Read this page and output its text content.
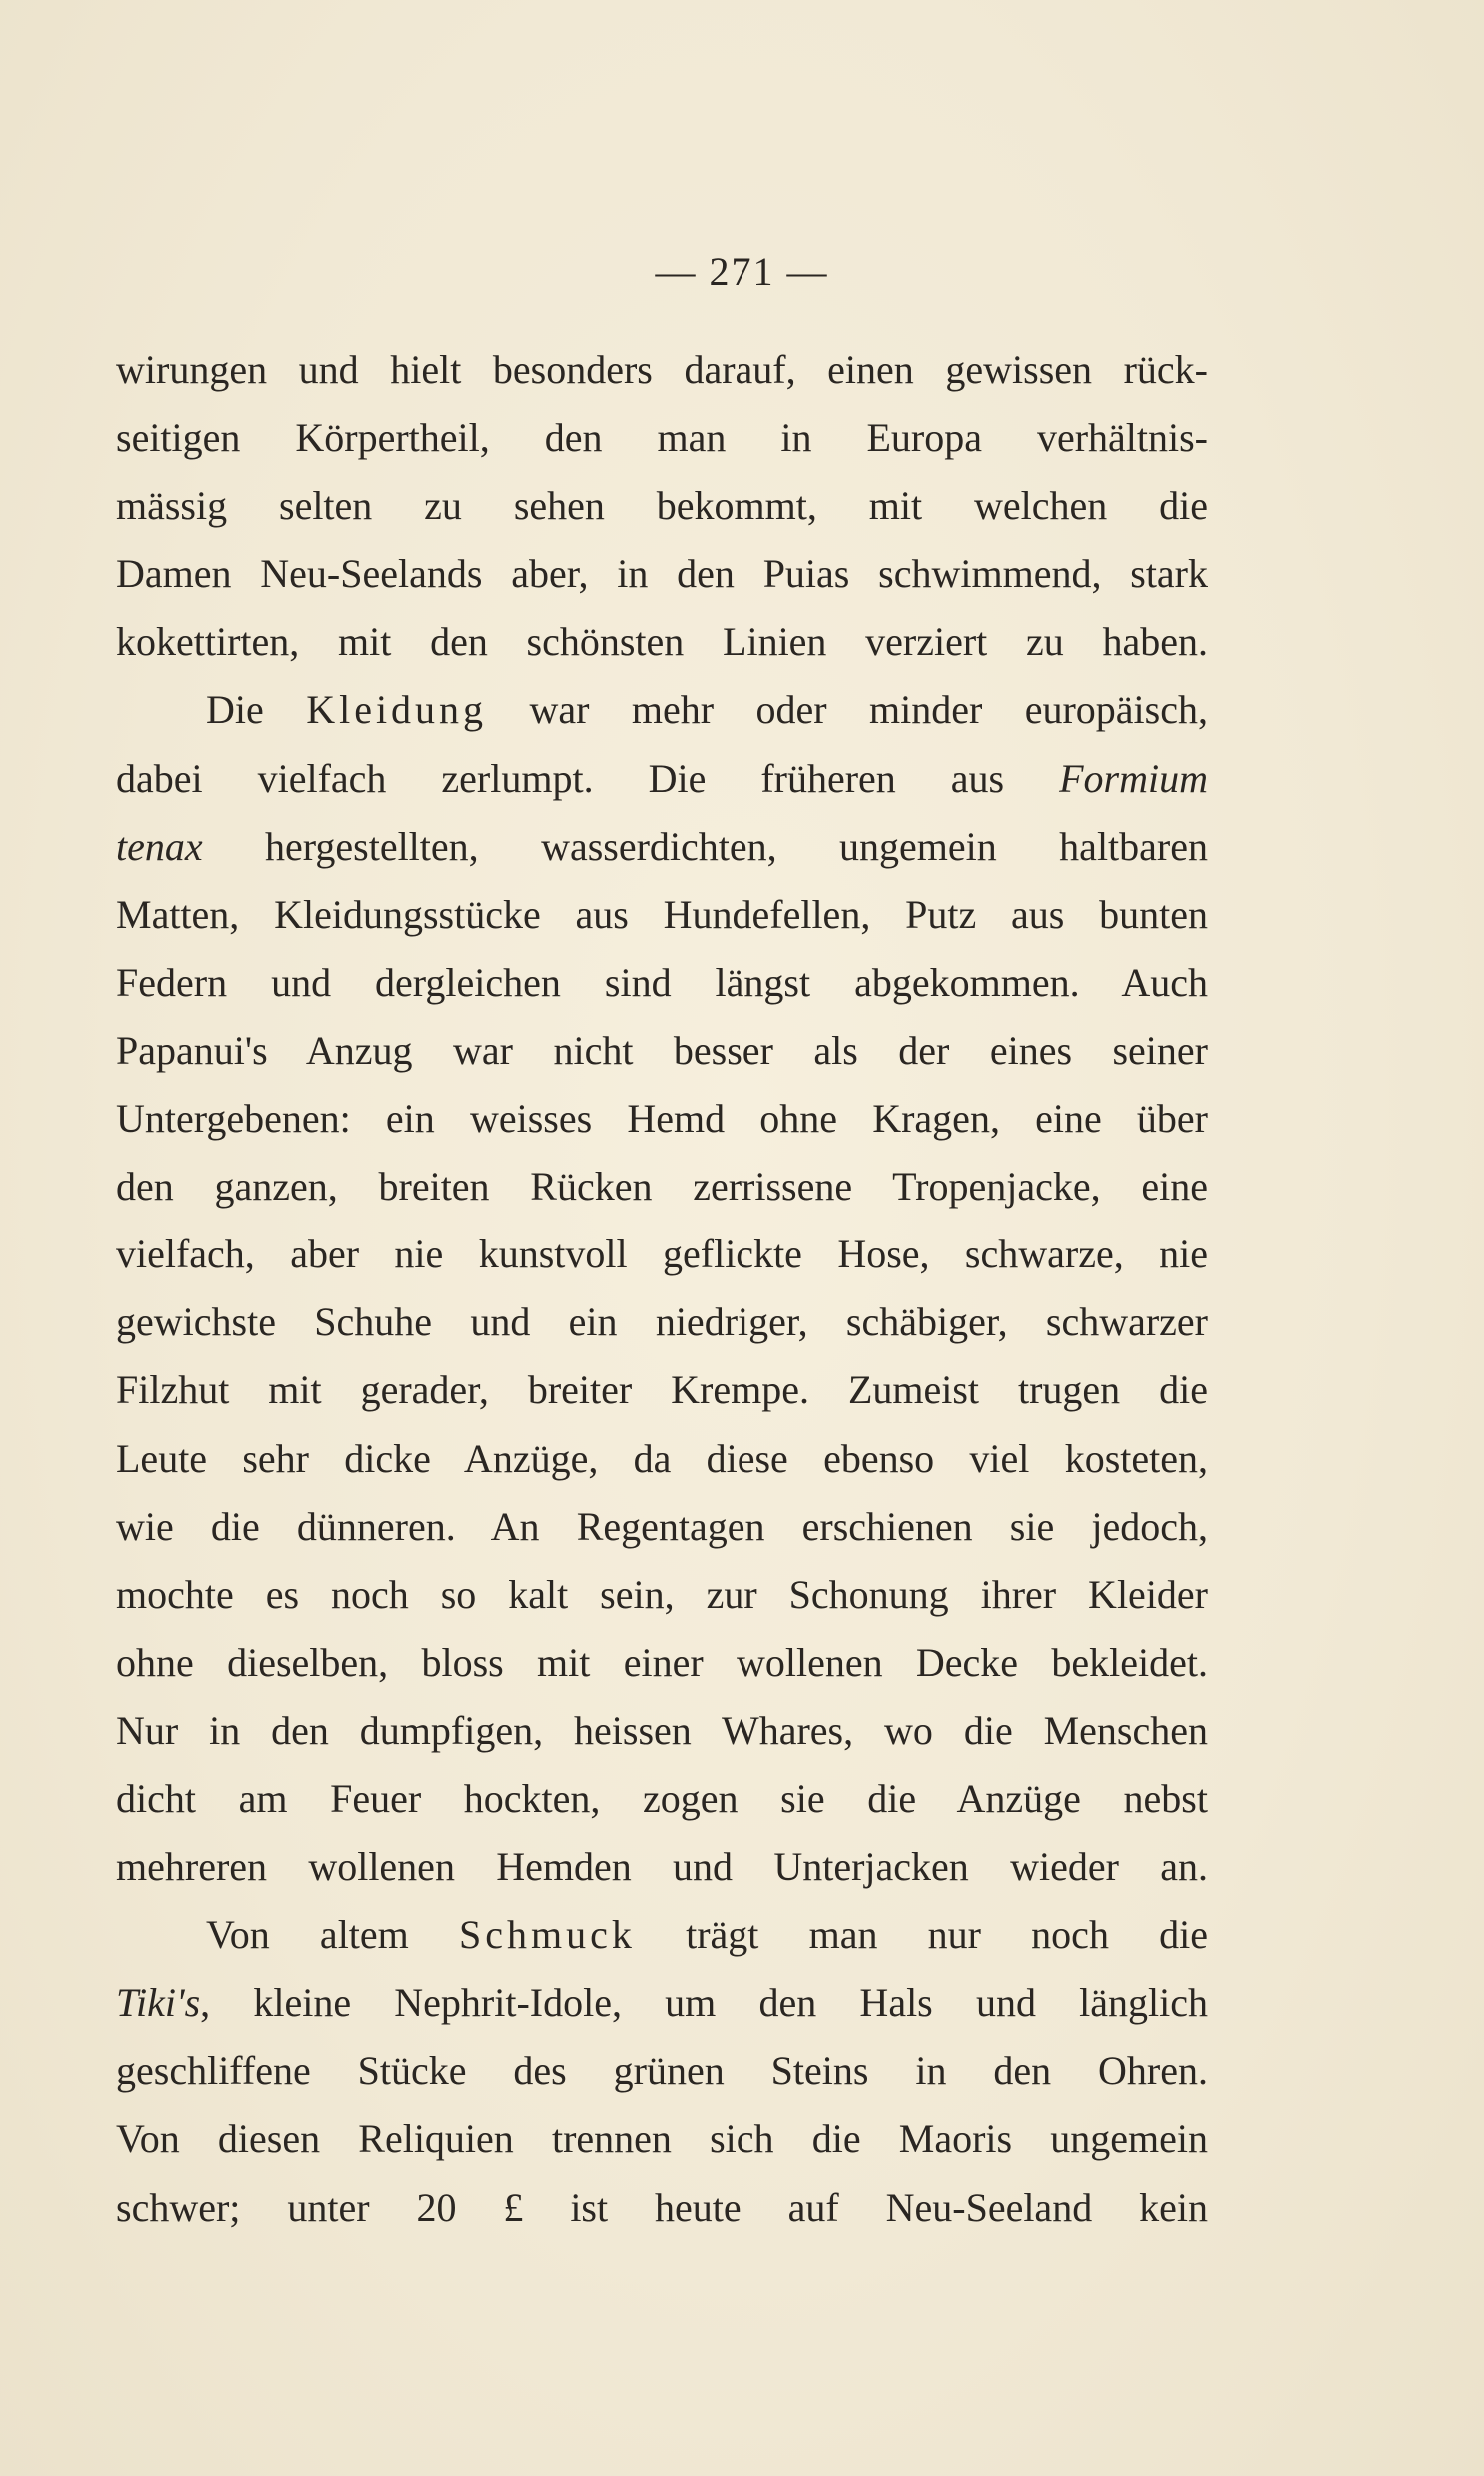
— 271 —
wirungen und hielt besonders darauf, einen gewissen rück-
seitigen Körpertheil, den man in Europa verhältnis-
mässig selten zu sehen bekommt, mit welchen die
Damen Neu-Seelands aber, in den Puias schwimmend, stark
kokettirten, mit den schönsten Linien verziert zu haben.
Die Kleidung war mehr oder minder europäisch,
dabei vielfach zerlumpt. Die früheren aus Formium
tenax hergestellten, wasserdichten, ungemein haltbaren
Matten, Kleidungsstücke aus Hundefellen, Putz aus bunten
Federn und dergleichen sind längst abgekommen. Auch
Papanui's Anzug war nicht besser als der eines seiner
Untergebenen: ein weisses Hemd ohne Kragen, eine über
den ganzen, breiten Rücken zerrissene Tropenjacke, eine
vielfach, aber nie kunstvoll geflickte Hose, schwarze, nie
gewichste Schuhe und ein niedriger, schäbiger, schwarzer
Filzhut mit gerader, breiter Krempe. Zumeist trugen die
Leute sehr dicke Anzüge, da diese ebenso viel kosteten,
wie die dünneren. An Regentagen erschienen sie jedoch,
mochte es noch so kalt sein, zur Schonung ihrer Kleider
ohne dieselben, bloss mit einer wollenen Decke bekleidet.
Nur in den dumpfigen, heissen Whares, wo die Menschen
dicht am Feuer hockten, zogen sie die Anzüge nebst
mehreren wollenen Hemden und Unterjacken wieder an.
Von altem Schmuck trägt man nur noch die
Tiki's, kleine Nephrit-Idole, um den Hals und länglich
geschliffene Stücke des grünen Steins in den Ohren.
Von diesen Reliquien trennen sich die Maoris ungemein
schwer; unter 20 £ ist heute auf Neu-Seeland kein
